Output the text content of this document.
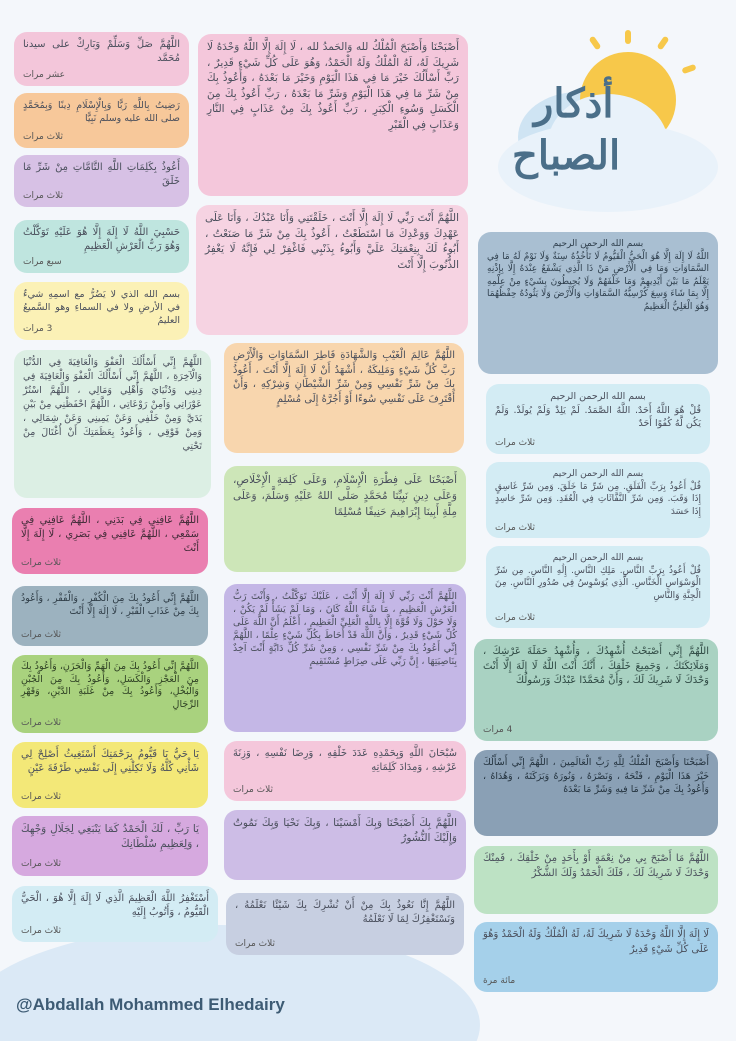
أذكار
الصباح
اللَّهُمَّ صَلِّ وَسَلِّمْ وَبَارِكْ على سيدنا مُحَمَّد
عشر مرات
رَضِيتُ بِاللَّهِ رَبًّا وَبِالْإِسْلَامِ دِينًا وَبِمُحَمَّدٍ صلى الله عليه وسلم نَبِيًّا
ثلاث مرات
أَعُوذُ بِكَلِمَاتِ اللَّهِ التَّامَّاتِ مِنْ شَرِّ مَا خَلَقَ
ثلاث مرات
حَسْبِيَ اللَّهُ لَا إِلَهَ إِلَّا هُوَ عَلَيْهِ تَوَكَّلْتُ وَهُوَ رَبُّ الْعَرْشِ الْعَظِيمِ
سبع مرات
بسم الله الذي لا يَضُرُّ مع اسمِهِ شيءٌ في الأرضِ ولا في السماءِ وهو السَّميعُ العليمُ
3 مرات
اللَّهُمَّ إِنِّي أَسْأَلُكَ الْعَفْوَ وَالْعَافِيَةَ فِي الدُّنْيَا وَالْآخِرَةِ ، اللَّهُمَّ إِنِّي أَسْأَلُكَ الْعَفْوَ وَالْعَافِيَةَ فِي دِينِي وَدُنْيَايَ وَأَهْلِي وَمَالِي ، اللَّهُمَّ اسْتُرْ عَوْرَاتِي وَآمِنْ رَوْعَاتِي ، اللَّهُمَّ احْفَظْنِي مِنْ بَيْنِ يَدَيَّ وَمِنْ خَلْفِي وَعَنْ يَمِينِي وَعَنْ شِمَالِي ، وَمِنْ فَوْقِي ، وَأَعُوذُ بِعَظَمَتِكَ أَنْ أُغْتَالَ مِنْ تَحْتِي
اللَّهُمَّ عَافِنِي فِي بَدَنِي ، اللَّهُمَّ عَافِنِي فِي سَمْعِي ، اللَّهُمَّ عَافِنِي فِي بَصَرِي ، لَا إِلَهَ إِلَّا أَنْتَ
ثلاث مرات
اللَّهُمَّ إِنِّي أَعُوذُ بِكَ مِنَ الْكُفْرِ ، وَالْفَقْرِ ، وَأَعُوذُ بِكَ مِنْ عَذَابِ الْقَبْرِ ، لَا إِلَهَ إِلَّا أَنْتَ
ثلاث مرات
اللَّهُمَّ إِنِّي أَعُوذُ بِكَ مِنَ الْهَمِّ وَالْحَزَنِ، وَأَعُوذُ بِكَ مِنَ الْعَجْزِ وَالْكَسَلِ، وَأَعُوذُ بِكَ مِنَ الْجُبْنِ وَالْبُخْلِ، وَأَعُوذُ بِكَ مِنْ غَلَبَةِ الدَّيْنِ، وَقَهْرِ الرِّجَالِ
ثلاث مرات
يَا حَيُّ يَا قَيُّومُ بِرَحْمَتِكَ أَسْتَغِيثُ أَصْلِحْ لِي شَأْنِي كُلَّهُ وَلَا تَكِلْنِي إِلَى نَفْسِي طَرْفَةَ عَيْنٍ
ثلاث مرات
يَا رَبِّ ، لَكَ الْحَمْدُ كَمَا يَنْبَغِي لِجَلَالِ وَجْهِكَ ، وَلِعَظِيمِ سُلْطَانِكَ
ثلاث مرات
أَسْتَغْفِرُ اللَّهَ الْعَظِيمَ الَّذِي لَا إِلَهَ إِلَّا هُوَ ، الْحَيُّ الْقَيُّومُ ، وَأَتُوبُ إِلَيْهِ
ثلاث مرات
أَصْبَحْنَا وَأَصْبَحَ الْمُلْكُ لله وَالحَمدُ لله ، لَا إِلَهَ إِلَّا اللَّهُ وَحْدَهُ لَا شَرِيكَ لَهُ، لَهُ الْمُلْكُ وَلَهُ الْحَمْدُ، وَهُوَ عَلَى كُلِّ شَيْءٍ قَدِيرٌ ، رَبِّ أَسْأَلُكَ خَيْرَ مَا فِي هَذَا الْيَوْمِ وَخَيْرَ مَا بَعْدَهُ ، وَأَعُوذُ بِكَ مِنْ شَرِّ مَا فِي هَذَا الْيَوْمِ وَشَرِّ مَا بَعْدَهُ ، رَبِّ أَعُوذُ بِكَ مِنَ الْكَسَلِ وَسُوءِ الْكِبَرِ ، رَبِّ أَعُوذُ بِكَ مِنْ عَذَابٍ فِي النَّارِ وَعَذَابٍ فِي الْقَبْرِ
اللَّهُمَّ أَنْتَ رَبِّي لَا إِلَهَ إِلَّا أَنْتَ ، خَلَقْتَنِي وَأَنَا عَبْدُكَ ، وَأَنَا عَلَى عَهْدِكَ وَوَعْدِكَ مَا اسْتَطَعْتُ ، أَعُوذُ بِكَ مِنْ شَرِّ مَا صَنَعْتُ ، أَبُوءُ لَكَ بِنِعْمَتِكَ عَلَيَّ وَأَبُوءُ بِذَنْبِي فَاغْفِرْ لِي فَإِنَّهُ لَا يَغْفِرُ الذُّنُوبَ إِلَّا أَنْتَ
اللَّهُمَّ عَالِمَ الْغَيْبِ وَالشَّهَادَةِ فَاطِرَ السَّمَاوَاتِ وَالْأَرْضِ رَبَّ كُلِّ شَيْءٍ وَمَلِيكَهُ ، أَشْهَدُ أَنْ لَا إِلَهَ إِلَّا أَنْتَ ، أَعُوذُ بِكَ مِنْ شَرِّ نَفْسِي وَمِنْ شَرِّ الشَّيْطَانِ وَشِرْكِهِ ، وَأَنْ أَقْتَرِفَ عَلَى نَفْسِي سُوءًا أَوْ أَجُرَّهُ إِلَى مُسْلِمٍ
أَصْبَحْنَا عَلَى فِطْرَةِ الْإِسْلَامِ، وَعَلَى كَلِمَةِ الْإِخْلَاصِ، وَعَلَى دِينِ نَبِيِّنَا مُحَمَّدٍ صَلَّى اللهُ عَلَيْهِ وَسَلَّمَ، وَعَلَى مِلَّةِ أَبِينَا إِبْرَاهِيمَ حَنِيفًا مُسْلِمًا
اللَّهُمَّ أَنْتَ رَبِّي لَا إِلَهَ إِلَّا أَنْتَ ، عَلَيْكَ تَوَكَّلْتُ ، وَأَنْتَ رَبُّ الْعَرْشِ الْعَظِيمِ ، مَا شَاءَ اللَّهُ كَانَ ، وَمَا لَمْ يَشَأْ لَمْ يَكُنْ ، وَلَا حَوْلَ وَلَا قُوَّةَ إِلَّا بِاللَّهِ الْعَلِيِّ الْعَظِيمِ ، أَعْلَمُ أَنَّ اللَّهَ عَلَى كُلِّ شَيْءٍ قَدِيرٌ ، وَأَنَّ اللَّهَ قَدْ أَحَاطَ بِكُلِّ شَيْءٍ عِلْمًا ، اللَّهُمَّ إِنِّي أَعُوذُ بِكَ مِنْ شَرِّ نَفْسِي ، وَمِنْ شَرِّ كُلِّ دَابَّةٍ أَنْتَ آخِذٌ بِنَاصِيَتِهَا ، إِنَّ رَبِّي عَلَى صِرَاطٍ مُسْتَقِيمٍ
سُبْحَانَ اللَّهِ وَبِحَمْدِهِ عَدَدَ خَلْقِهِ ، وَرِضَا نَفْسِهِ ، وَزِنَةَ عَرْشِهِ ، وَمِدَادَ كَلِمَاتِهِ
ثلاث مرات
اللَّهُمَّ بِكَ أَصْبَحْنَا وَبِكَ أَمْسَيْنَا ، وَبِكَ نَحْيَا وَبِكَ نَمُوتُ وَإِلَيْكَ النُّشُورُ
اللَّهُمَّ إِنَّا نَعُوذُ بِكَ مِنْ أَنْ نُشْرِكَ بِكَ شَيْئًا نَعْلَمُهُ ، وَنَسْتَغْفِرُكَ لِمَا لَا نَعْلَمُهُ
ثلاث مرات
بسم الله الرحمن الرحيم
اللَّهُ لَا إِلَهَ إِلَّا هُوَ الْحَيُّ الْقَيُّومُ لَا تَأْخُذُهُ سِنَةٌ وَلَا نَوْمٌ لَهُ مَا فِي السَّمَاوَاتِ وَمَا فِي الْأَرْضِ مَنْ ذَا الَّذِي يَشْفَعُ عِنْدَهُ إِلَّا بِإِذْنِهِ يَعْلَمُ مَا بَيْنَ أَيْدِيهِمْ وَمَا خَلْفَهُمْ وَلَا يُحِيطُونَ بِشَيْءٍ مِنْ عِلْمِهِ إِلَّا بِمَا شَاءَ وَسِعَ كُرْسِيُّهُ السَّمَاوَاتِ وَالْأَرْضَ وَلَا يَئُودُهُ حِفْظُهُمَا وَهُوَ الْعَلِيُّ الْعَظِيمُ
بسم الله الرحمن الرحيم
قُلْ هُوَ اللَّهُ أَحَدٌ. اللَّهُ الصَّمَدُ. لَمْ يَلِدْ وَلَمْ يُولَدْ. وَلَمْ يَكُن لَّهُ كُفُوًا أَحَدٌ
ثلاث مرات
بسم الله الرحمن الرحيم
قُلْ أَعُوذُ بِرَبِّ الْفَلَقِ. مِن شَرِّ مَا خَلَقَ. وَمِن شَرِّ غَاسِقٍ إِذَا وَقَبَ. وَمِن شَرِّ النَّفَّاثَاتِ فِي الْعُقَدِ. وَمِن شَرِّ حَاسِدٍ إِذَا حَسَدَ
ثلاث مرات
بسم الله الرحمن الرحيم
قُلْ أَعُوذُ بِرَبِّ النَّاسِ. مَلِكِ النَّاسِ. إِلَٰهِ النَّاسِ. مِن شَرِّ الْوَسْوَاسِ الْخَنَّاسِ. الَّذِي يُوَسْوِسُ فِي صُدُورِ النَّاسِ. مِنَ الْجِنَّةِ وَالنَّاسِ
ثلاث مرات
اللَّهُمَّ إِنِّي أَصْبَحْتُ أُشْهِدُكَ ، وَأُشْهِدُ حَمَلَةَ عَرْشِكَ ، وَمَلَائِكَتَكَ ، وَجَمِيعَ خَلْقِكَ ، أَنَّكَ أَنْتَ اللَّهُ لَا إِلَهَ إِلَّا أَنْتَ وَحْدَكَ لَا شَرِيكَ لَكَ ، وَأَنَّ مُحَمَّدًا عَبْدُكَ وَرَسُولُكَ
4 مرات
أَصْبَحْنَا وَأَصْبَحَ الْمُلْكُ لِلَّهِ رَبِّ الْعَالَمِينَ ، اللَّهُمَّ إِنِّي أَسْأَلُكَ خَيْرَ هَذَا الْيَوْمِ ، فَتْحَهُ ، وَنَصْرَهُ ، وَنُورَهُ وَبَرَكَتَهُ ، وَهُدَاهُ ، وَأَعُوذُ بِكَ مِنْ شَرِّ مَا فِيهِ وَشَرِّ مَا بَعْدَهُ
اللَّهُمَّ مَا أَصْبَحَ بِي مِنْ نِعْمَةٍ أَوْ بِأَحَدٍ مِنْ خَلْقِكَ ، فَمِنْكَ وَحْدَكَ لَا شَرِيكَ لَكَ ، فَلَكَ الْحَمْدُ وَلَكَ الشُّكْرُ
لَا إِلَهَ إِلَّا اللَّهُ وَحْدَهُ لَا شَرِيكَ لَهُ، لَهُ الْمُلْكُ وَلَهُ الْحَمْدُ وَهُوَ عَلَى كُلِّ شَيْءٍ قَدِيرٌ
مائة مرة
@Abdallah Mohammed Elhedairy
